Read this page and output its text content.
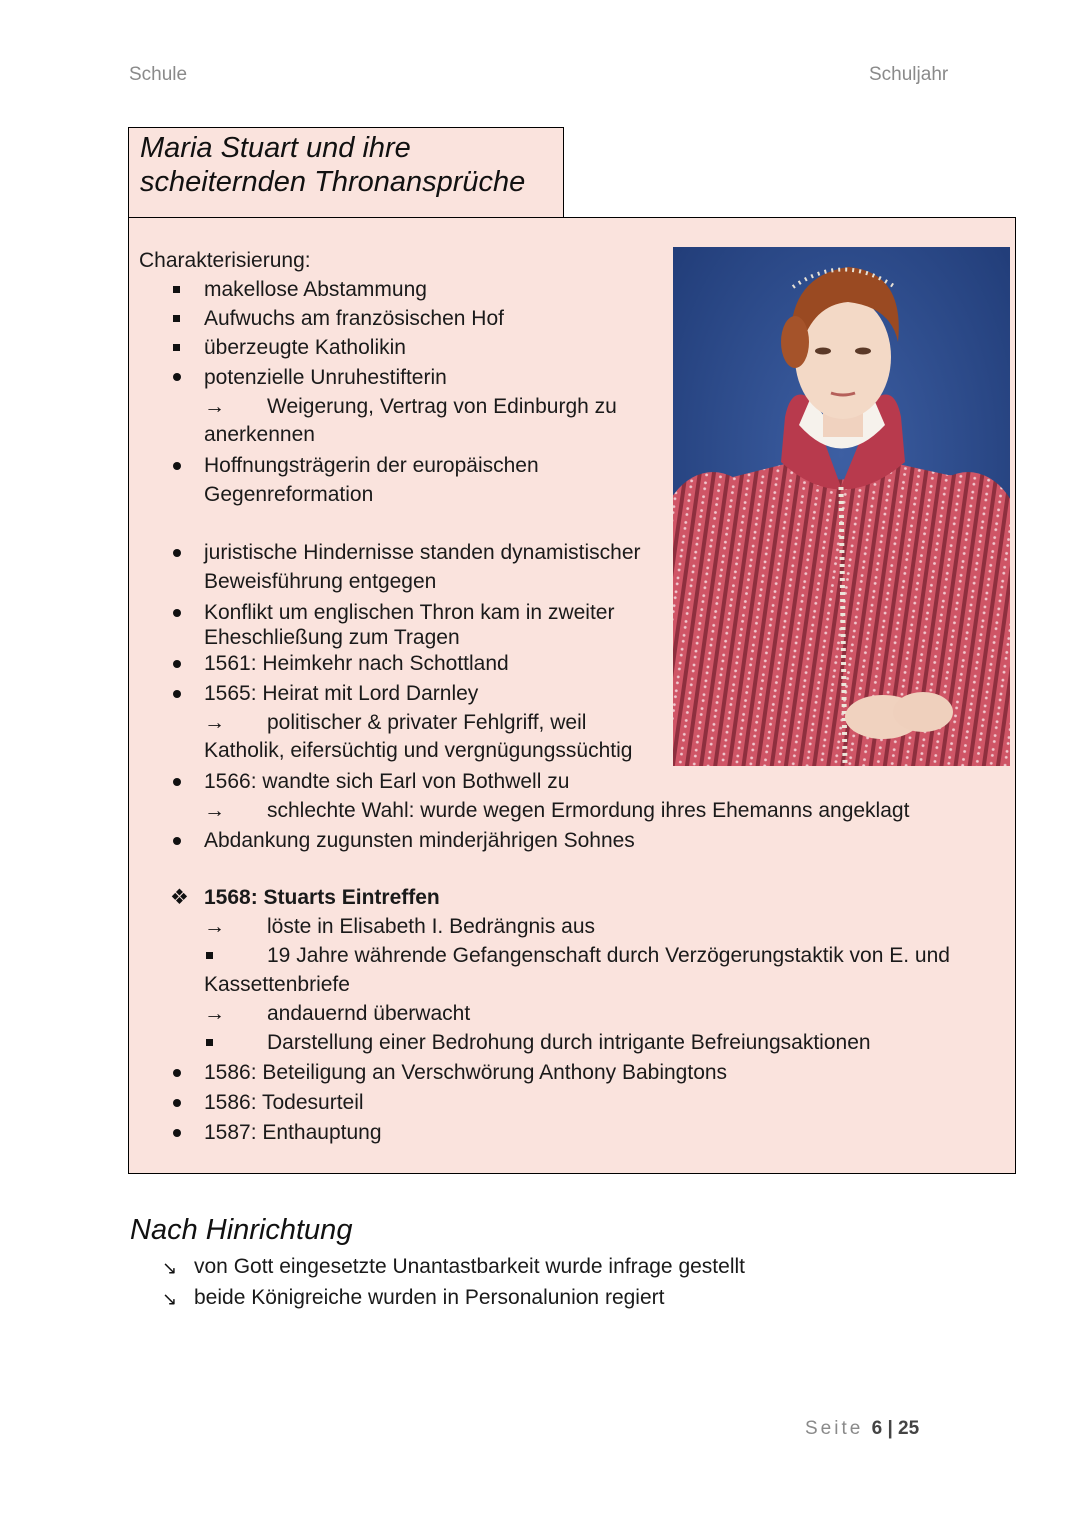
Schule	Schuljahr
Maria Stuart und ihre
scheiternden Thronansprüche
Charakterisierung:
makellose Abstammung
Aufwuchs am französischen Hof
überzeugte Katholikin
potenzielle Unruhestifterin
→ Weigerung, Vertrag von Edinburgh zu
anerkennen
Hoffnungsträgerin der europäischen
Gegenreformation
juristische Hindernisse standen dynamistischer
Beweisführung entgegen
Konflikt um englischen Thron kam in zweiter
Eheschließung zum Tragen
1561: Heimkehr nach Schottland
1565: Heirat mit Lord Darnley
→ politischer & privater Fehlgriff, weil
Katholik, eifersüchtig und vergnügungssüchtig
1566: wandte sich Earl von Bothwell zu
→ schlechte Wahl: wurde wegen Ermordung ihres Ehemanns angeklagt
Abdankung zugunsten minderjährigen Sohnes
❖ 1568: Stuarts Eintreffen
→ löste in Elisabeth I. Bedrängnis aus
19 Jahre währende Gefangenschaft durch Verzögerungstaktik von E. und
Kassettenbriefe
→ andauernd überwacht
Darstellung einer Bedrohung durch intrigante Befreiungsaktionen
1586: Beteiligung an Verschwörung Anthony Babingtons
1586: Todesurteil
1587: Enthauptung
Nach Hinrichtung
↘ von Gott eingesetzte Unantastbarkeit wurde infrage gestellt
↘ beide Königreiche wurden in Personalunion regiert
Seite 6 | 25
